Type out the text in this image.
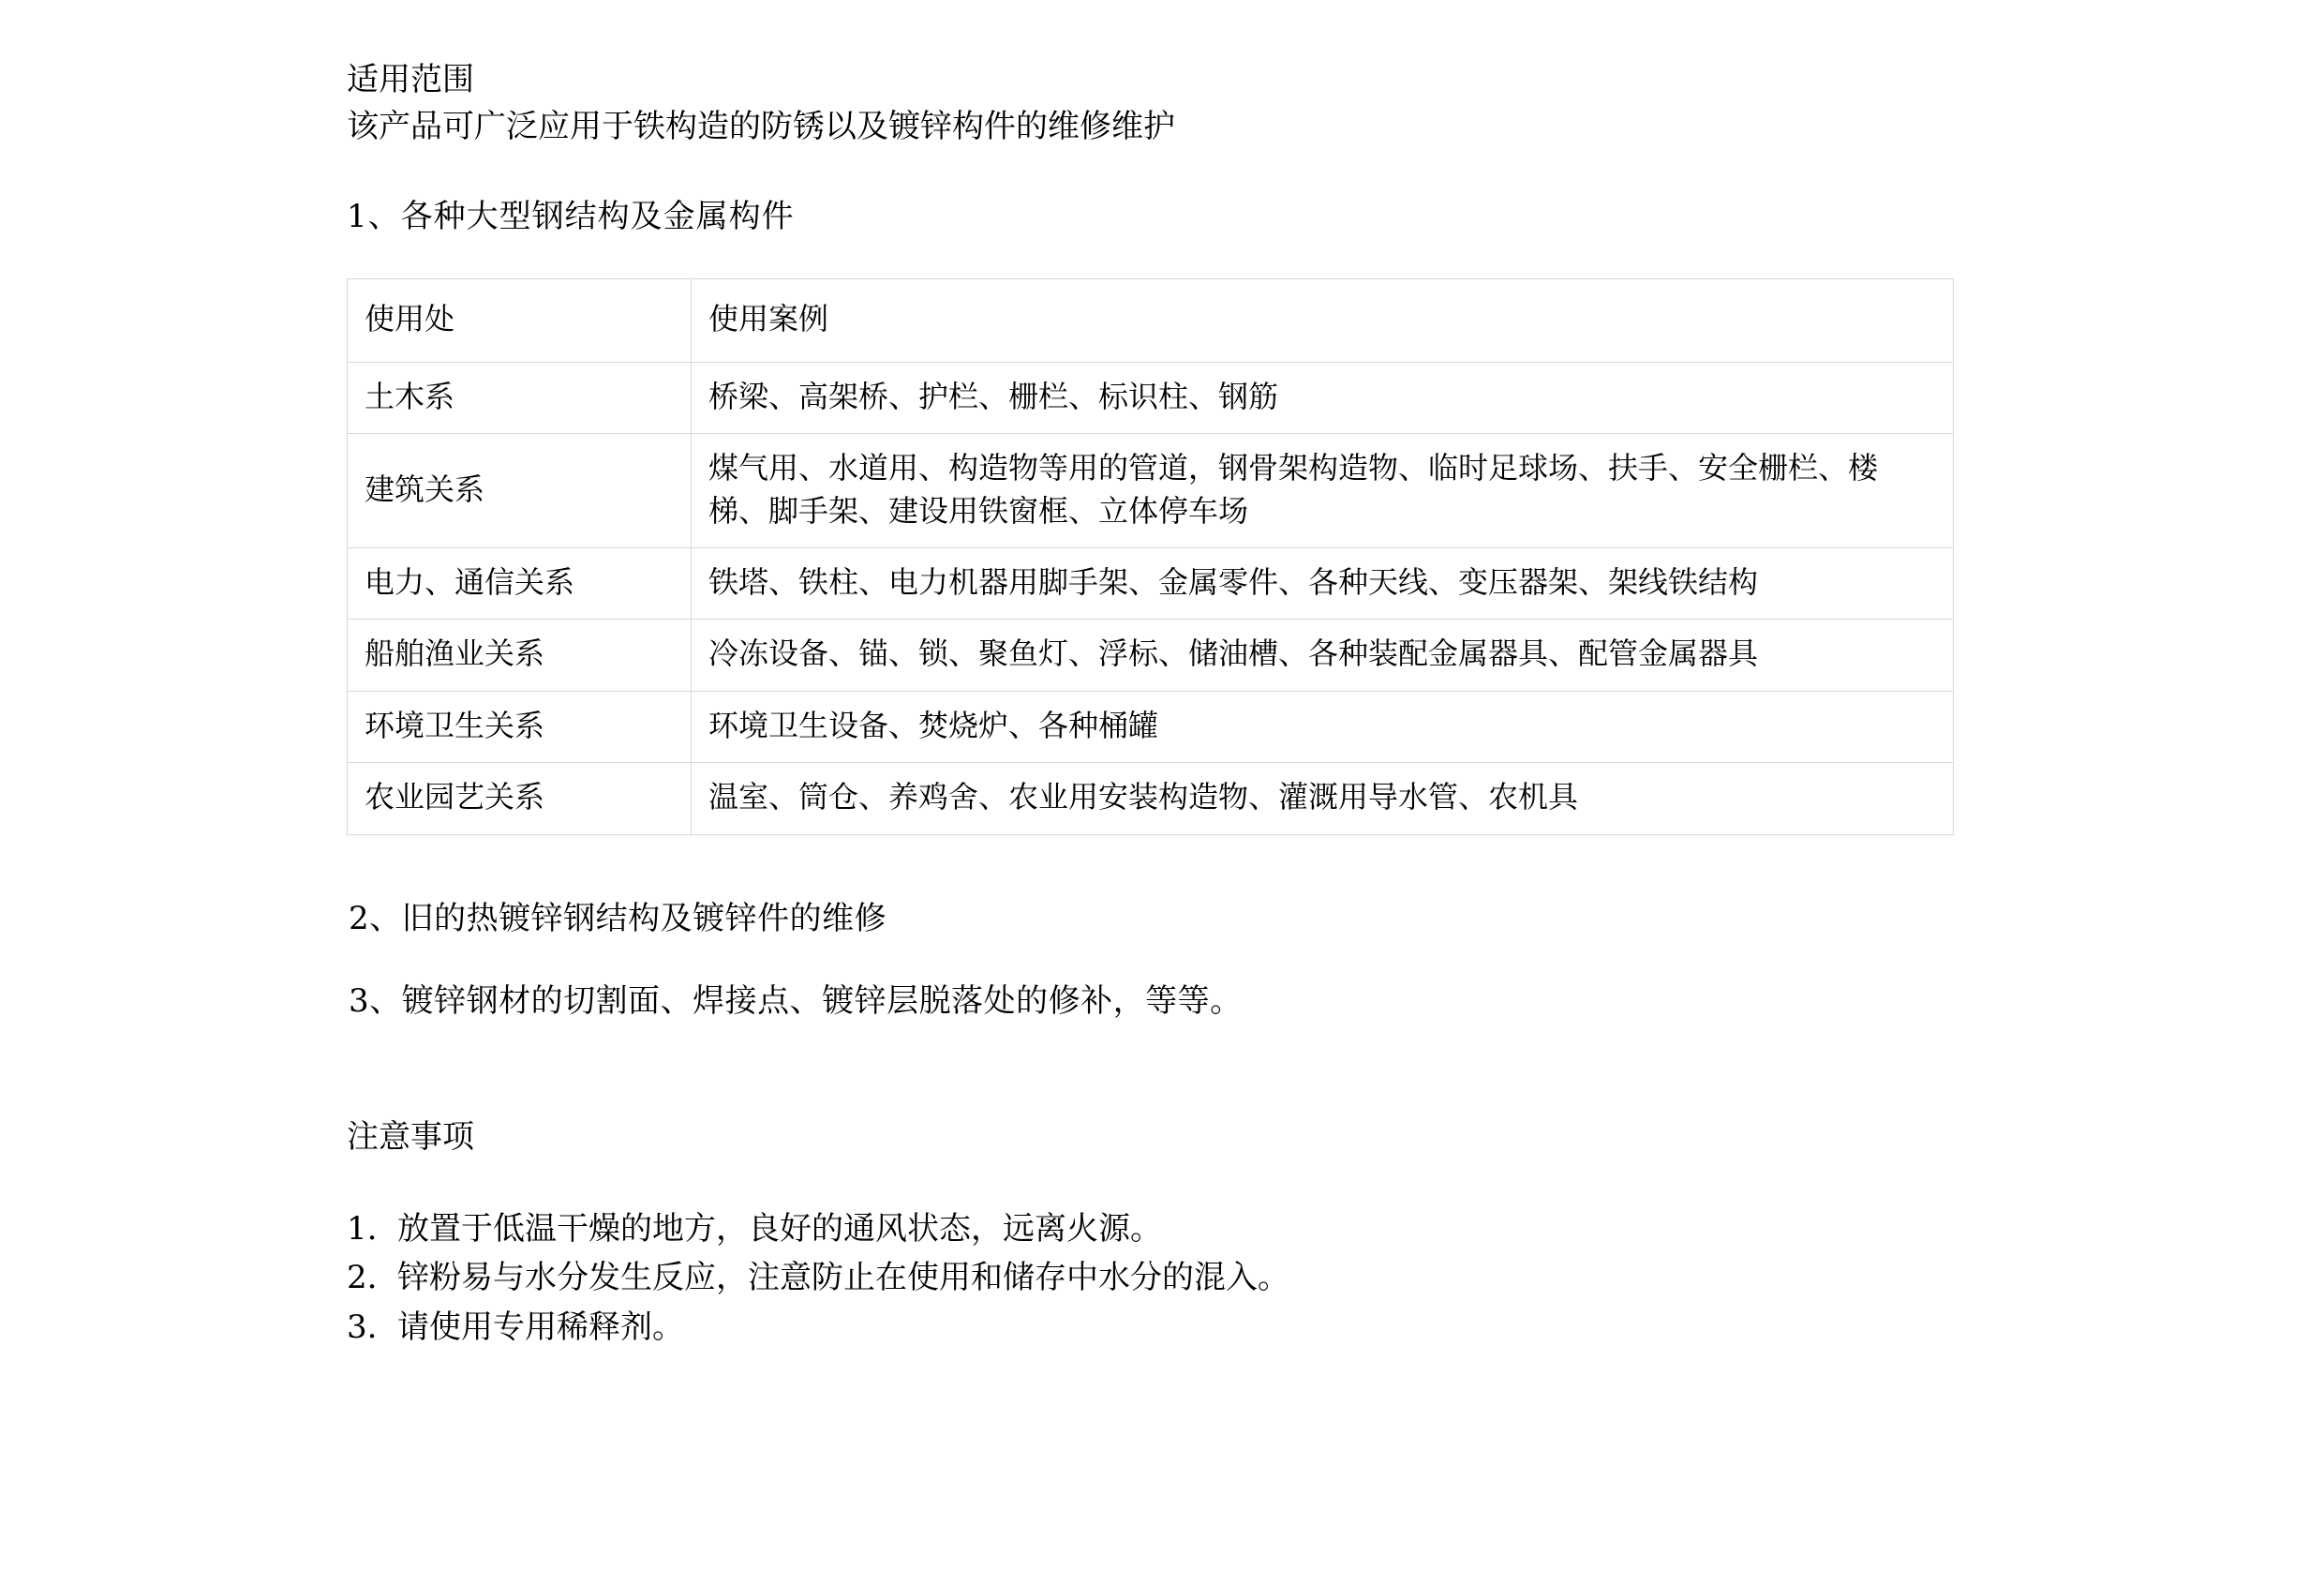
适用范围
该产品可广泛应用于铁构造的防锈以及镀锌构件的维修维护
1、各种大型钢结构及金属构件
使用处	使用案例
土木系	桥梁、高架桥、护栏、栅栏、标识柱、钢筋
建筑关系	煤气用、水道用、构造物等用的管道，钢骨架构造物、临时足球场、扶手、安全栅栏、楼梯、脚手架、建设用铁窗框、立体停车场
电力、通信关系	铁塔、铁柱、电力机器用脚手架、金属零件、各种天线、变压器架、架线铁结构
船舶渔业关系	冷冻设备、锚、锁、聚鱼灯、浮标、储油槽、各种装配金属器具、配管金属器具
环境卫生关系	环境卫生设备、焚烧炉、各种桶罐
农业园艺关系	温室、筒仓、养鸡舍、农业用安装构造物、灌溉用导水管、农机具
2、旧的热镀锌钢结构及镀锌件的维修
3、镀锌钢材的切割面、焊接点、镀锌层脱落处的修补，等等。
注意事项
1. 放置于低温干燥的地方，良好的通风状态，远离火源。
2. 锌粉易与水分发生反应，注意防止在使用和储存中水分的混入。
3. 请使用专用稀释剂。
